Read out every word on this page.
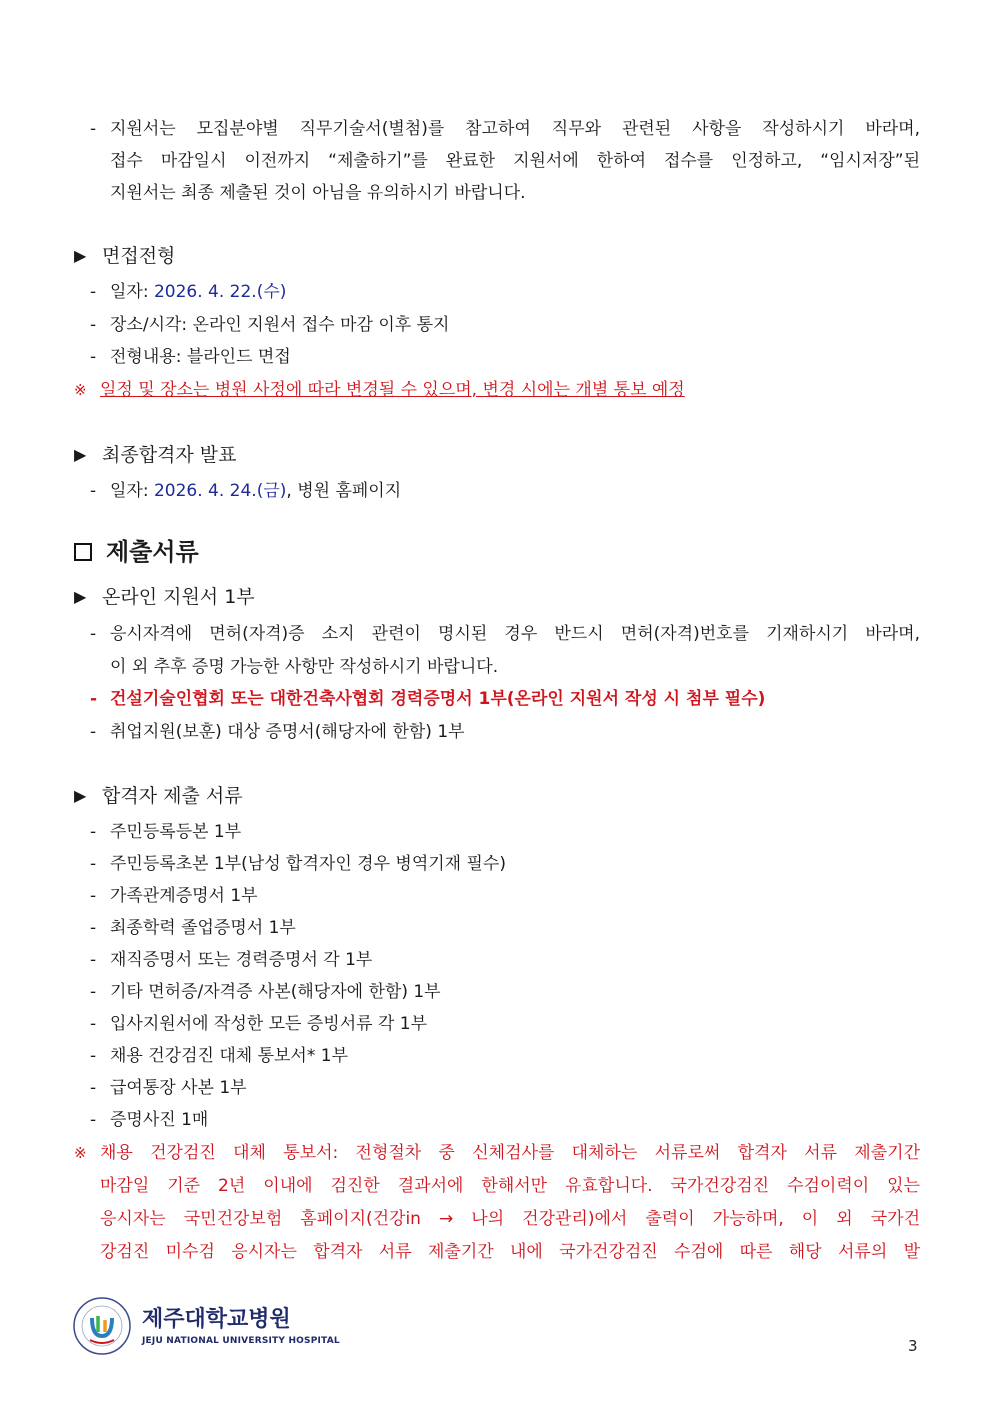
- 지원서는 모집분야별 직무기술서(별첨)를 참고하여 직무와 관련된 사항을 작성하시기 바라며,
접수 마감일시 이전까지 “제출하기”를 완료한 지원서에 한하여 접수를 인정하고, “임시저장”된
지원서는 최종 제출된 것이 아님을 유의하시기 바랍니다.
▶ 면접전형
- 일자: 2026. 4. 22.(수)
- 장소/시각: 온라인 지원서 접수 마감 이후 통지
- 전형내용: 블라인드 면접
※ 일정 및 장소는 병원 사정에 따라 변경될 수 있으며, 변경 시에는 개별 통보 예정
▶ 최종합격자 발표
- 일자: 2026. 4. 24.(금), 병원 홈페이지
제출서류
▶ 온라인 지원서 1부
- 응시자격에 면허(자격)증 소지 관련이 명시된 경우 반드시 면허(자격)번호를 기재하시기 바라며,
이 외 추후 증명 가능한 사항만 작성하시기 바랍니다.
- 건설기술인협회 또는 대한건축사협회 경력증명서 1부(온라인 지원서 작성 시 첨부 필수)
- 취업지원(보훈) 대상 증명서(해당자에 한함) 1부
▶ 합격자 제출 서류
- 주민등록등본 1부
- 주민등록초본 1부(남성 합격자인 경우 병역기재 필수)
- 가족관계증명서 1부
- 최종학력 졸업증명서 1부
- 재직증명서 또는 경력증명서 각 1부
- 기타 면허증/자격증 사본(해당자에 한함) 1부
- 입사지원서에 작성한 모든 증빙서류 각 1부
- 채용 건강검진 대체 통보서* 1부
- 급여통장 사본 1부
- 증명사진 1매
※ 채용 건강검진 대체 통보서: 전형절차 중 신체검사를 대체하는 서류로써 합격자 서류 제출기간
마감일 기준 2년 이내에 검진한 결과서에 한해서만 유효합니다. 국가건강검진 수검이력이 있는
응시자는 국민건강보험 홈페이지(건강in → 나의 건강관리)에서 출력이 가능하며, 이 외 국가건
강검진 미수검 응시자는 합격자 서류 제출기간 내에 국가건강검진 수검에 따른 해당 서류의 발
제주대학교병원
JEJU NATIONAL UNIVERSITY HOSPITAL	3
